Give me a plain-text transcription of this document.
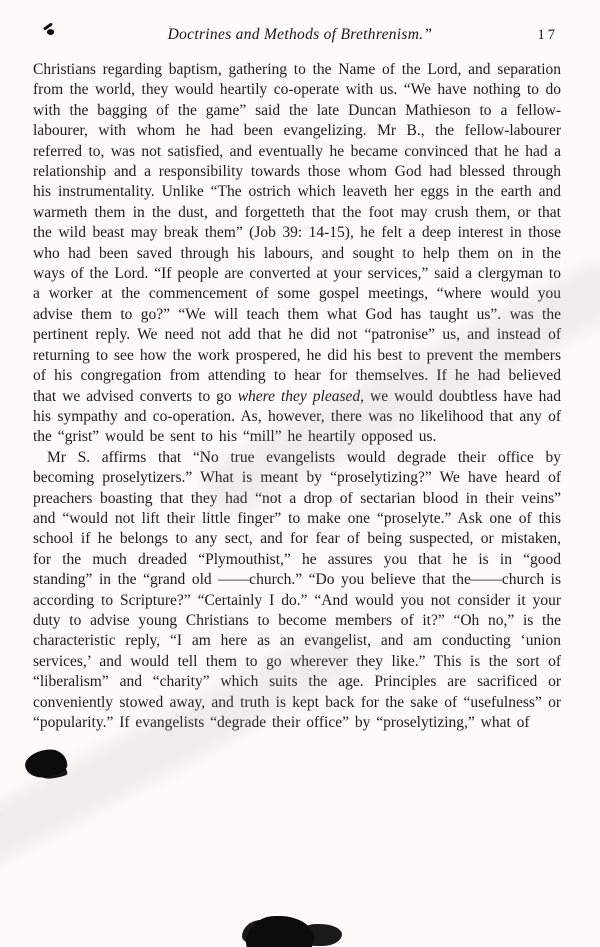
Doctrines and Methods of Brethrenism.”	17

Christians regarding baptism, gathering to the Name of the Lord, and separation from the world, they would heartily co-operate with us. “We have nothing to do with the bagging of the game” said the late Duncan Mathieson to a fellow-labourer, with whom he had been evangelizing. Mr B., the fellow-labourer referred to, was not satisfied, and eventually he became convinced that he had a relationship and a responsibility towards those whom God had blessed through his instrumentality. Unlike “The ostrich which leaveth her eggs in the earth and warmeth them in the dust, and forgetteth that the foot may crush them, or that the wild beast may break them” (Job 39: 14-15), he felt a deep interest in those who had been saved through his labours, and sought to help them on in the ways of the Lord. “If people are converted at your services,” said a clergyman to a worker at the commencement of some gospel meetings, “where would you advise them to go?” “We will teach them what God has taught us”. was the pertinent reply. We need not add that he did not “patronise” us, and instead of returning to see how the work prospered, he did his best to prevent the members of his congregation from attending to hear for themselves. If he had believed that we advised converts to go where they pleased, we would doubtless have had his sympathy and co-operation. As, however, there was no likelihood that any of the “grist” would be sent to his “mill” he heartily opposed us.

Mr S. affirms that “No true evangelists would degrade their office by becoming proselytizers.” What is meant by “proselytizing?” We have heard of preachers boasting that they had “not a drop of sectarian blood in their veins” and “would not lift their little finger” to make one “proselyte.” Ask one of this school if he belongs to any sect, and for fear of being suspected, or mistaken, for the much dreaded “Plymouthist,” he assures you that he is in “good standing” in the “grand old ——church.” “Do you believe that the——church is according to Scripture?” “Certainly I do.” “And would you not consider it your duty to advise young Christians to become members of it?” “Oh no,” is the characteristic reply, “I am here as an evangelist, and am conducting ‘union services,’ and would tell them to go wherever they like.” This is the sort of “liberalism” and “charity” which suits the age. Principles are sacrificed or conveniently stowed away, and truth is kept back for the sake of “usefulness” or “popularity.” If evangelists “degrade their office” by “proselytizing,” what of
